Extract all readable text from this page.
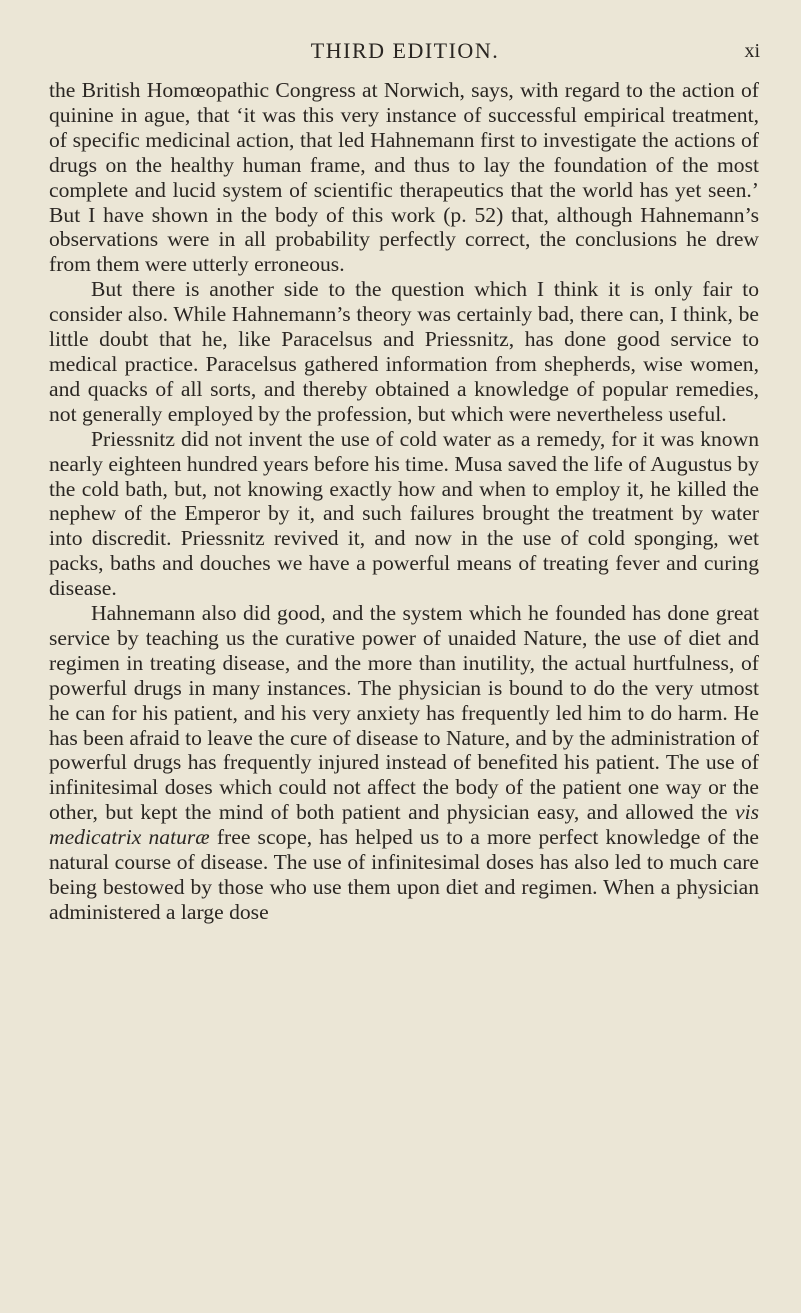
THIRD EDITION.	xi

the British Homœopathic Congress at Norwich, says, with regard to the action of quinine in ague, that ‘it was this very instance of successful empirical treatment, of specific medicinal action, that led Hahnemann first to investigate the actions of drugs on the healthy human frame, and thus to lay the foundation of the most complete and lucid system of scientific therapeutics that the world has yet seen.’ But I have shown in the body of this work (p. 52) that, although Hahnemann’s observations were in all probability perfectly correct, the conclusions he drew from them were utterly erroneous.

But there is another side to the question which I think it is only fair to consider also. While Hahnemann’s theory was certainly bad, there can, I think, be little doubt that he, like Paracelsus and Priessnitz, has done good service to medical practice. Paracelsus gathered information from shepherds, wise women, and quacks of all sorts, and thereby obtained a knowledge of popular remedies, not generally employed by the profession, but which were nevertheless useful.

Priessnitz did not invent the use of cold water as a remedy, for it was known nearly eighteen hundred years before his time. Musa saved the life of Augustus by the cold bath, but, not knowing exactly how and when to employ it, he killed the nephew of the Emperor by it, and such failures brought the treatment by water into discredit. Priessnitz revived it, and now in the use of cold sponging, wet packs, baths and douches we have a powerful means of treating fever and curing disease.

Hahnemann also did good, and the system which he founded has done great service by teaching us the curative power of unaided Nature, the use of diet and regimen in treating disease, and the more than inutility, the actual hurtfulness, of powerful drugs in many instances. The physician is bound to do the very utmost he can for his patient, and his very anxiety has frequently led him to do harm. He has been afraid to leave the cure of disease to Nature, and by the administration of powerful drugs has frequently injured instead of benefited his patient. The use of infinitesimal doses which could not affect the body of the patient one way or the other, but kept the mind of both patient and physician easy, and allowed the vis medicatrix naturæ free scope, has helped us to a more perfect knowledge of the natural course of disease. The use of infinitesimal doses has also led to much care being bestowed by those who use them upon diet and regimen. When a physician administered a large dose
